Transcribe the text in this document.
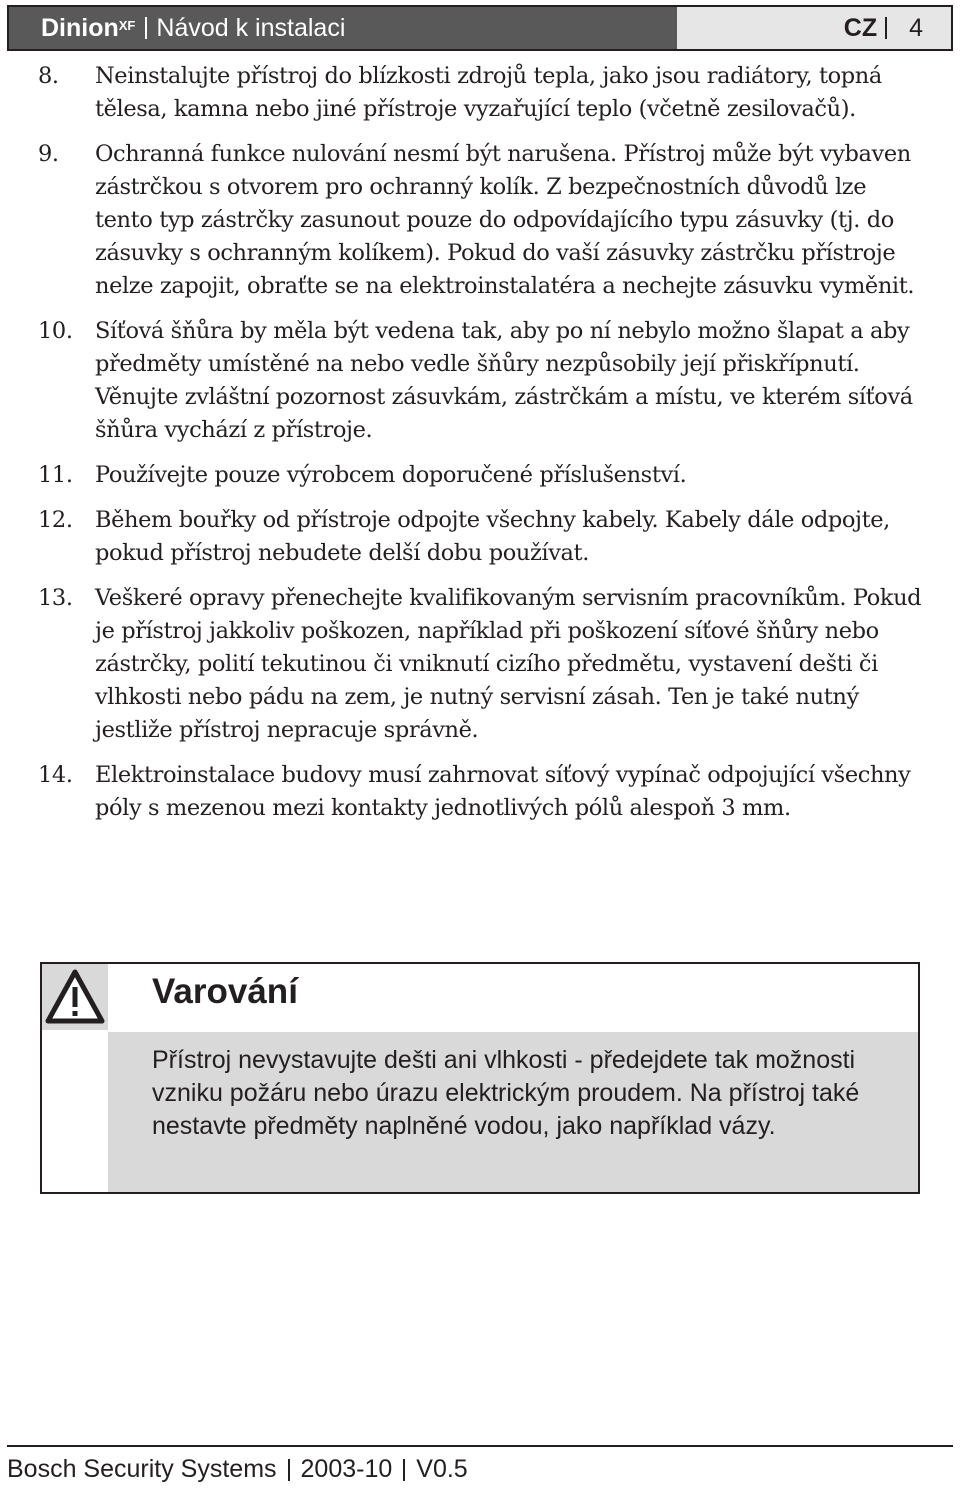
Dinion$^{XF}$ Návod k instalaci	CZ 4
8.	Neinstalujte přístroj do blízkosti zdrojů tepla, jako jsou radiátory, topná tělesa, kamna nebo jiné přístroje vyzařující teplo (včetně zesilovačů).
9.	Ochranná funkce nulování nesmí být narušena. Přístroj může být vybaven zástrčkou s otvorem pro ochranný kolík. Z bezpečnostních důvodů lze tento typ zástrčky zasunout pouze do odpovídajícího typu zásuvky (tj. do zásuvky s ochranným kolíkem). Pokud do vaší zásuvky zástrčku přístroje nelze zapojit, obraťte se na elektroinstalatéra a nechejte zásuvku vyměnit.
10. Síťová šňůra by měla být vedena tak, aby po ní nebylo možno šlapat a aby předměty umístěné na nebo vedle šňůry nezpůsobily její přiskřípnutí. Věnujte zvláštní pozornost zásuvkám, zástrčkám a místu, ve kterém síťová šňůra vychází z přístroje.
11. Používejte pouze výrobcem doporučené příslušenství.
12. Během bouřky od přístroje odpojte všechny kabely. Kabely dále odpojte, pokud přístroj nebudete delší dobu používat.
13. Veškeré opravy přenechejte kvalifikovaným servisním pracovníkům. Pokud je přístroj jakkoliv poškozen, například při poškození síťové šňůry nebo zástrčky, polití tekutinou či vniknutí cizího předmětu, vystavení dešti či vlhkosti nebo pádu na zem, je nutný servisní zásah. Ten je také nutný jestliže přístroj nepracuje správně.
14. Elektroinstalace budovy musí zahrnovat síťový vypínač odpojující všechny póly s mezenou mezi kontakty jednotlivých pólů alespoň 3 mm.
Varování
Přístroj nevystavujte dešti ani vlhkosti - předejdete tak možnosti vzniku požáru nebo úrazu elektrickým proudem. Na přístroj také nestavte předměty naplněné vodou, jako například vázy.
Bosch Security Systems 2003-10 V0.5
